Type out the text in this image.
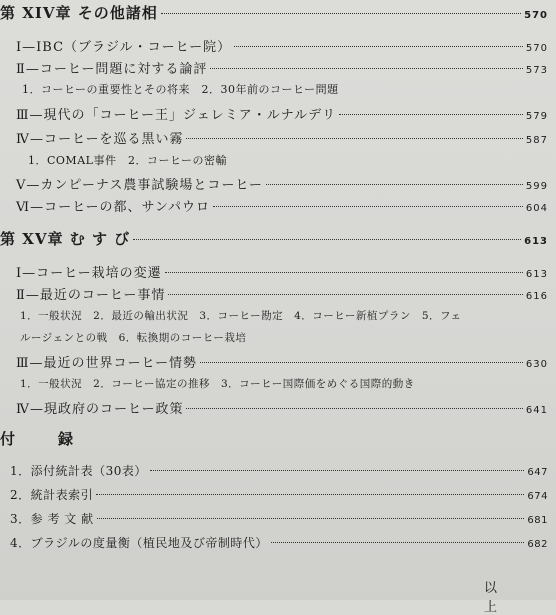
第 XIV章 その他諸相	570
Ⅰ—IBC（ブラジル・コーヒー院）	570
Ⅱ—コーヒー問題に対する論評	573
1．コーヒーの重要性とその将来　2．30年前のコーヒー問題
Ⅲ—現代の「コーヒー王」ジェレミア・ルナルデリ	579
Ⅳ—コーヒーを巡る黒い霧	587
1．COMAL事件　2．コーヒーの密輸
Ⅴ—カンピーナス農事試験場とコーヒー	599
Ⅵ—コーヒーの都、サンパウロ	604
第 XV章 む す び	613
Ⅰ—コーヒー栽培の変遷	613
Ⅱ—最近のコーヒー事情	616
1．一般状況　2．最近の輸出状況　3．コーヒー勘定　4．コーヒー新植プラン　5．フェ
ルージェンとの戦　6．転換期のコーヒー栽培
Ⅲ—最近の世界コーヒー情勢	630
1．一般状況　2．コーヒー協定の推移　3．コーヒー国際価をめぐる国際的動き
Ⅳ—現政府のコーヒー政策	641
付　録
1．添付統計表（30表）	647
2．統計表索引	674
3．参 考 文 献	681
4．ブラジルの度量衡（植民地及び帝制時代）	682
以　上
